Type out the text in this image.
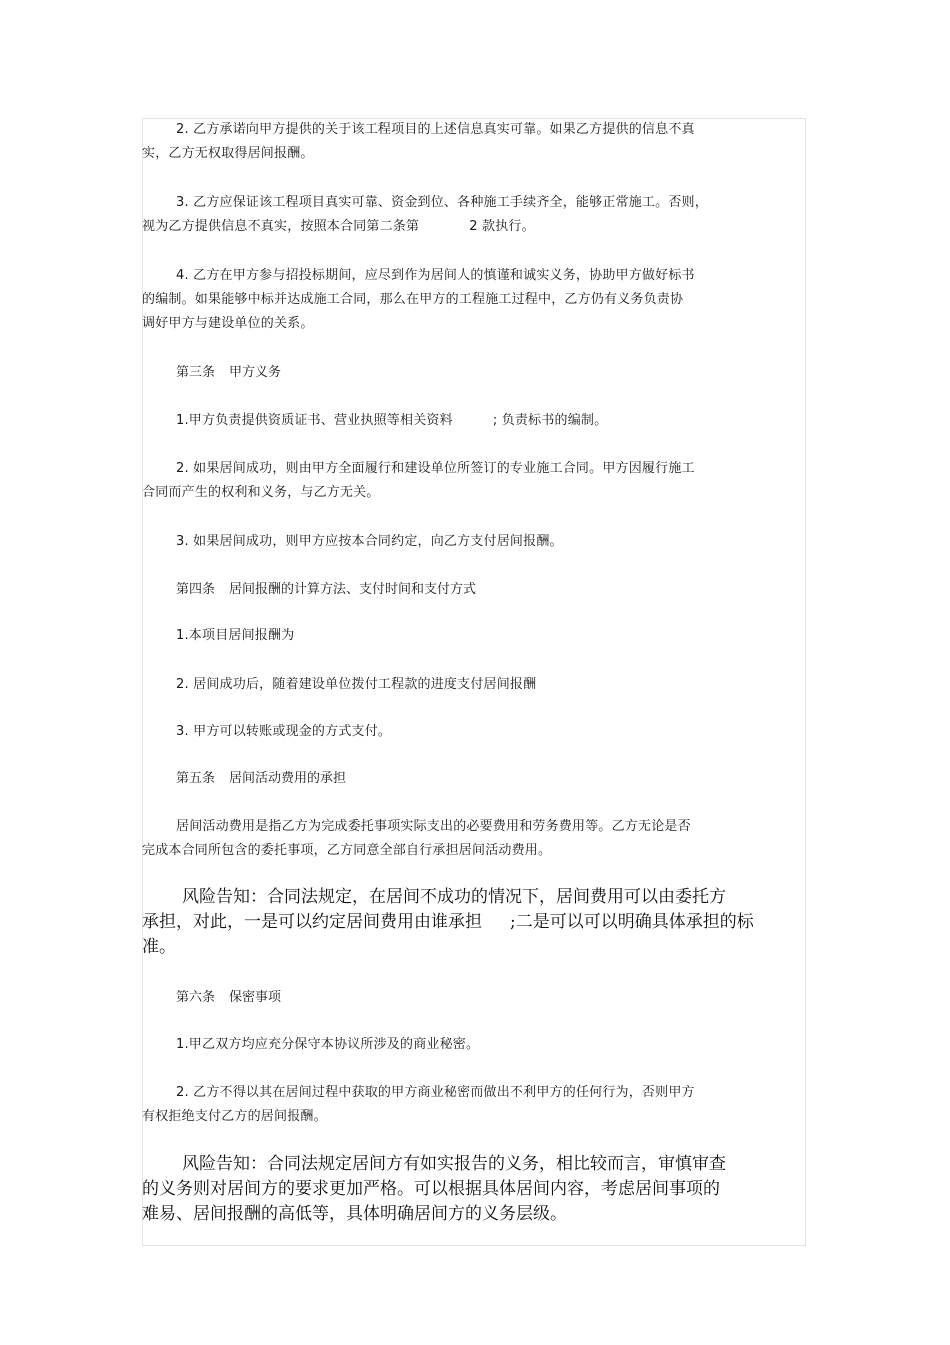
2. 乙方承诺向甲方提供的关于该工程项目的上述信息真实可靠。如果乙方提供的信息不真
实，乙方无权取得居间报酬。
3. 乙方应保证该工程项目真实可靠、资金到位、各种施工手续齐全，能够正常施工。否则，
视为乙方提供信息不真实，按照本合同第二条第	2 款执行。
4. 乙方在甲方参与招投标期间，应尽到作为居间人的慎谨和诚实义务，协助甲方做好标书
的编制。如果能够中标并达成施工合同，那么在甲方的工程施工过程中，乙方仍有义务负责协
调好甲方与建设单位的关系。
第三条 甲方义务
1.甲方负责提供资质证书、营业执照等相关资料	; 负责标书的编制。
2. 如果居间成功，则由甲方全面履行和建设单位所签订的专业施工合同。甲方因履行施工
合同而产生的权利和义务，与乙方无关。
3. 如果居间成功，则甲方应按本合同约定，向乙方支付居间报酬。
第四条 居间报酬的计算方法、支付时间和支付方式
1.本项目居间报酬为
2. 居间成功后，随着建设单位拨付工程款的进度支付居间报酬
3. 甲方可以转账或现金的方式支付。
第五条 居间活动费用的承担
居间活动费用是指乙方为完成委托事项实际支出的必要费用和劳务费用等。乙方无论是否
完成本合同所包含的委托事项，乙方同意全部自行承担居间活动费用。
风险告知：合同法规定，在居间不成功的情况下，居间费用可以由委托方
承担，对此，一是可以约定居间费用由谁承担 ;二是可以可以明确具体承担的标
准。
第六条 保密事项
1.甲乙双方均应充分保守本协议所涉及的商业秘密。
2. 乙方不得以其在居间过程中获取的甲方商业秘密而做出不利甲方的任何行为，否则甲方
有权拒绝支付乙方的居间报酬。
风险告知：合同法规定居间方有如实报告的义务，相比较而言，审慎审查
的义务则对居间方的要求更加严格。可以根据具体居间内容，考虑居间事项的
难易、居间报酬的高低等，具体明确居间方的义务层级。
